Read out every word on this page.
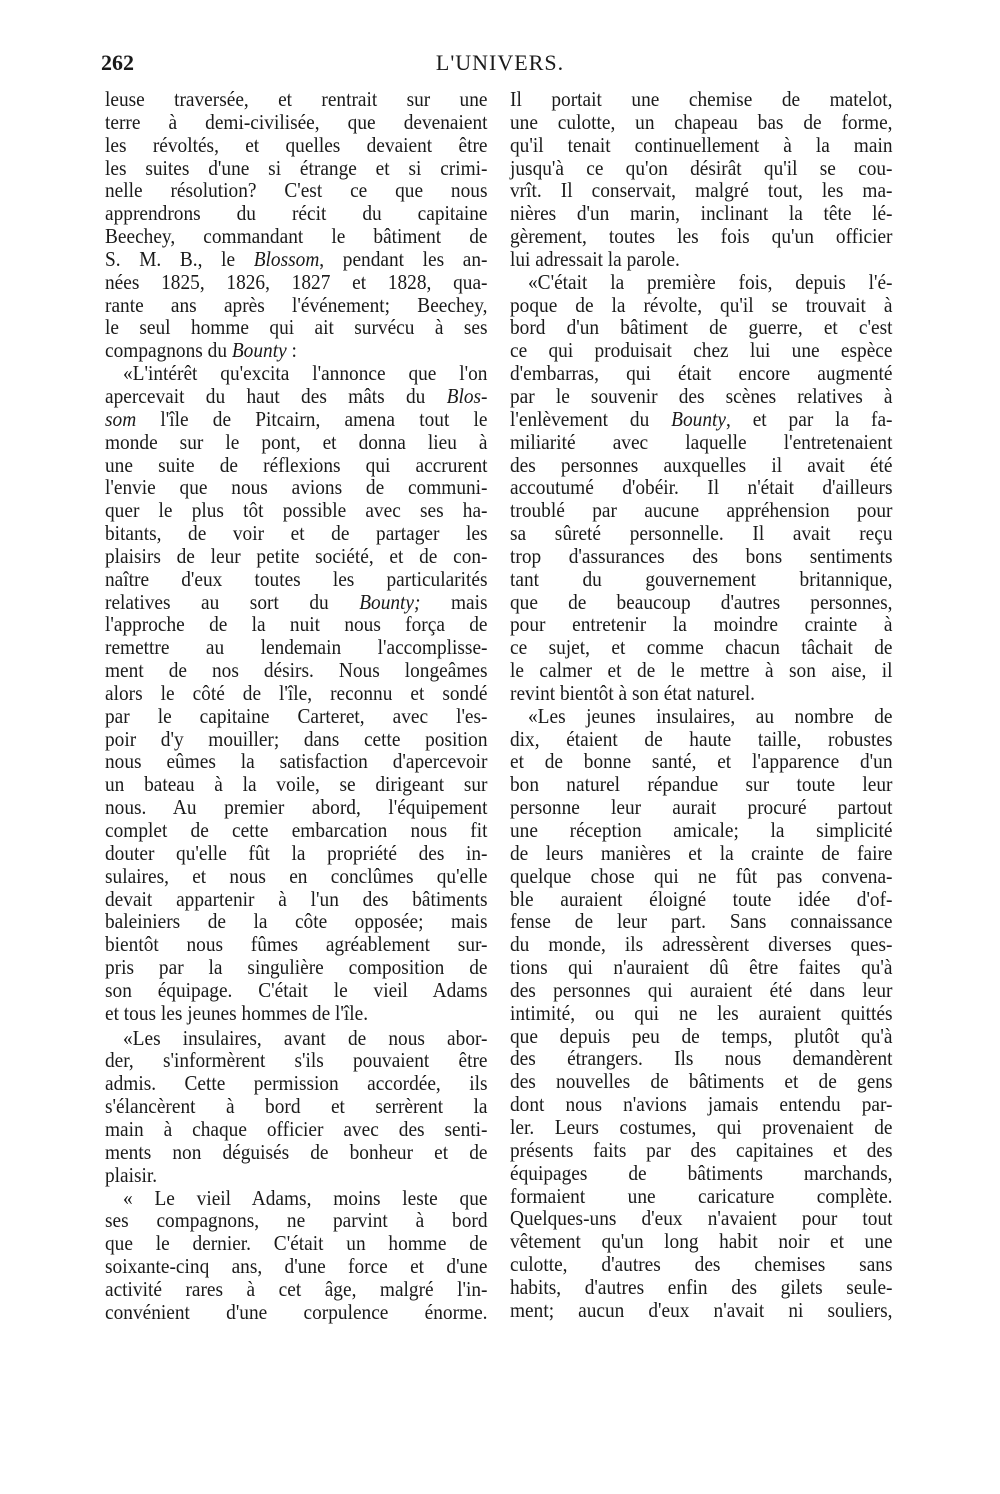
262	L'UNIVERS.
leuse traversée, et rentrait sur une
terre à demi-civilisée, que devenaient
les révoltés, et quelles devaient être
les suites d'une si étrange et si crimi-
nelle résolution? C'est ce que nous
apprendrons du récit du capitaine
Beechey, commandant le bâtiment de
S. M. B., le Blossom, pendant les an-
nées 1825, 1826, 1827 et 1828, qua-
rante ans après l'événement; Beechey,
le seul homme qui ait survécu à ses
compagnons du Bounty :
«L'intérêt qu'excita l'annonce que l'on
apercevait du haut des mâts du Blos-
som l'île de Pitcairn, amena tout le
monde sur le pont, et donna lieu à
une suite de réflexions qui accrurent
l'envie que nous avions de communi-
quer le plus tôt possible avec ses ha-
bitants, de voir et de partager les
plaisirs de leur petite société, et de con-
naître d'eux toutes les particularités
relatives au sort du Bounty; mais
l'approche de la nuit nous força de
remettre au lendemain l'accomplisse-
ment de nos désirs. Nous longeâmes
alors le côté de l'île, reconnu et sondé
par le capitaine Carteret, avec l'es-
poir d'y mouiller; dans cette position
nous eûmes la satisfaction d'apercevoir
un bateau à la voile, se dirigeant sur
nous. Au premier abord, l'équipement
complet de cette embarcation nous fit
douter qu'elle fût la propriété des in-
sulaires, et nous en conclûmes qu'elle
devait appartenir à l'un des bâtiments
baleiniers de la côte opposée; mais
bientôt nous fûmes agréablement sur-
pris par la singulière composition de
son équipage. C'était le vieil Adams
et tous les jeunes hommes de l'île.
«Les insulaires, avant de nous abor-
der, s'informèrent s'ils pouvaient être
admis. Cette permission accordée, ils
s'élancèrent à bord et serrèrent la
main à chaque officier avec des senti-
ments non déguisés de bonheur et de
plaisir.
« Le vieil Adams, moins leste que
ses compagnons, ne parvint à bord
que le dernier. C'était un homme de
soixante-cinq ans, d'une force et d'une
activité rares à cet âge, malgré l'in-
convénient d'une corpulence énorme.
Il portait une chemise de matelot,
une culotte, un chapeau bas de forme,
qu'il tenait continuellement à la main
jusqu'à ce qu'on désirât qu'il se cou-
vrît. Il conservait, malgré tout, les ma-
nières d'un marin, inclinant la tête lé-
gèrement, toutes les fois qu'un officier
lui adressait la parole.
«C'était la première fois, depuis l'é-
poque de la révolte, qu'il se trouvait à
bord d'un bâtiment de guerre, et c'est
ce qui produisait chez lui une espèce
d'embarras, qui était encore augmenté
par le souvenir des scènes relatives à
l'enlèvement du Bounty, et par la fa-
miliarité avec laquelle l'entretenaient
des personnes auxquelles il avait été
accoutumé d'obéir. Il n'était d'ailleurs
troublé par aucune appréhension pour
sa sûreté personnelle. Il avait reçu
trop d'assurances des bons sentiments
tant du gouvernement britannique,
que de beaucoup d'autres personnes,
pour entretenir la moindre crainte à
ce sujet, et comme chacun tâchait de
le calmer et de le mettre à son aise, il
revint bientôt à son état naturel.
«Les jeunes insulaires, au nombre de
dix, étaient de haute taille, robustes
et de bonne santé, et l'apparence d'un
bon naturel répandue sur toute leur
personne leur aurait procuré partout
une réception amicale; la simplicité
de leurs manières et la crainte de faire
quelque chose qui ne fût pas convena-
ble auraient éloigné toute idée d'of-
fense de leur part. Sans connaissance
du monde, ils adressèrent diverses ques-
tions qui n'auraient dû être faites qu'à
des personnes qui auraient été dans leur
intimité, ou qui ne les auraient quittés
que depuis peu de temps, plutôt qu'à
des étrangers. Ils nous demandèrent
des nouvelles de bâtiments et de gens
dont nous n'avions jamais entendu par-
ler. Leurs costumes, qui provenaient de
présents faits par des capitaines et des
équipages de bâtiments marchands,
formaient une caricature complète.
Quelques-uns d'eux n'avaient pour tout
vêtement qu'un long habit noir et une
culotte, d'autres des chemises sans
habits, d'autres enfin des gilets seule-
ment; aucun d'eux n'avait ni souliers,
